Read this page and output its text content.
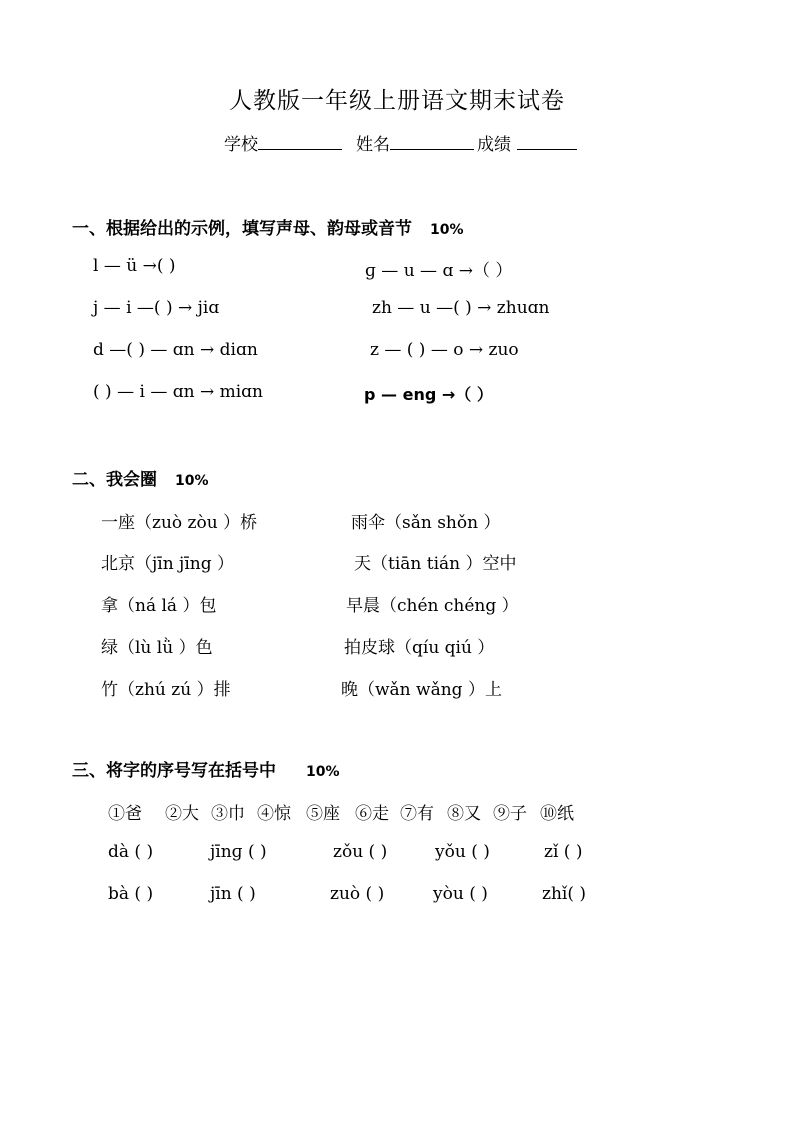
人教版一年级上册语文期末试卷
学校	姓名	成绩
一、根据给出的示例，填写声母、韵母或音节 10%
l — ü →( )	ɡ — u — ɑ →（ ）
j — i —( ) → jiɑ	zh — u —( ) → zhuɑn
d —( ) — ɑn → diɑn	z — ( ) — o → zuo
( ) — i — ɑn → miɑn	p — eng →（ ）
二、我会圈 10%
一座（zuò zòu ）桥	雨伞（sǎn shǒn ）
北京（jīn jīng ）	天（tiān tián ）空中
拿（ná lá ）包	早晨（chén chéng ）
绿（lù lǜ ）色	拍皮球（qíu qiú ）
竹（zhú zú ）排	晚（wǎn wǎng ）上
三、将字的序号写在括号中 10%
①爸 ②大 ③巾 ④惊 ⑤座 ⑥走 ⑦有 ⑧又 ⑨子 ⑩纸
dà ( )	jīnɡ ( )	zǒu ( )	yǒu ( )	zǐ ( )
bà ( )	jīn ( )	zuò ( )	yòu ( )	zhǐ( )
